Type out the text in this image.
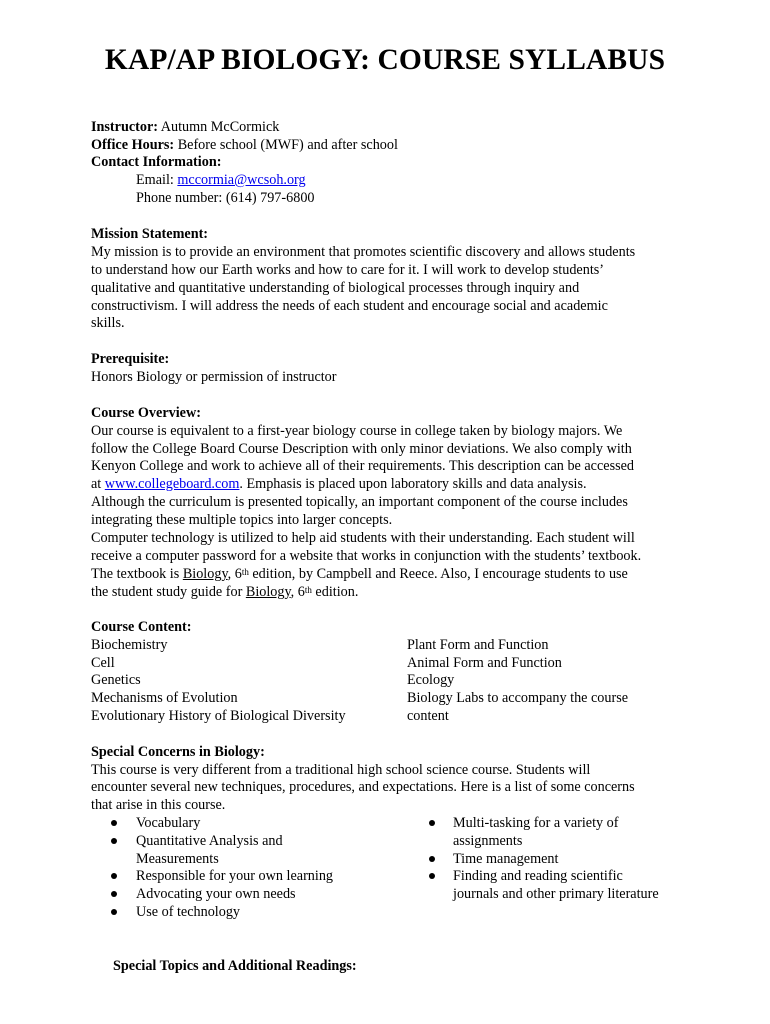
KAP/AP BIOLOGY: COURSE SYLLABUS
Instructor: Autumn McCormick
Office Hours: Before school (MWF) and after school
Contact Information:
Email: mccormia@wcsoh.org
Phone number: (614) 797-6800
Mission Statement:
My mission is to provide an environment that promotes scientific discovery and allows students
to understand how our Earth works and how to care for it. I will work to develop students’
qualitative and quantitative understanding of biological processes through inquiry and
constructivism. I will address the needs of each student and encourage social and academic
skills.
Prerequisite:
Honors Biology or permission of instructor
Course Overview:
Our course is equivalent to a first-year biology course in college taken by biology majors. We
follow the College Board Course Description with only minor deviations. We also comply with
Kenyon College and work to achieve all of their requirements. This description can be accessed
at www.collegeboard.com. Emphasis is placed upon laboratory skills and data analysis.
Although the curriculum is presented topically, an important component of the course includes
integrating these multiple topics into larger concepts.
Computer technology is utilized to help aid students with their understanding. Each student will
receive a computer password for a website that works in conjunction with the students’ textbook.
The textbook is Biology, 6th edition, by Campbell and Reece. Also, I encourage students to use
the student study guide for Biology, 6th edition.
Course Content:
Biochemistry
Cell
Genetics
Mechanisms of Evolution
Evolutionary History of Biological Diversity
Plant Form and Function
Animal Form and Function
Ecology
Biology Labs to accompany the course
content
Special Concerns in Biology:
This course is very different from a traditional high school science course. Students will
encounter several new techniques, procedures, and expectations. Here is a list of some concerns
that arise in this course.
Vocabulary
Quantitative Analysis and
Measurements
Responsible for your own learning
Advocating your own needs
Use of technology
Multi-tasking for a variety of
assignments
Time management
Finding and reading scientific
journals and other primary literature
Special Topics and Additional Readings:
